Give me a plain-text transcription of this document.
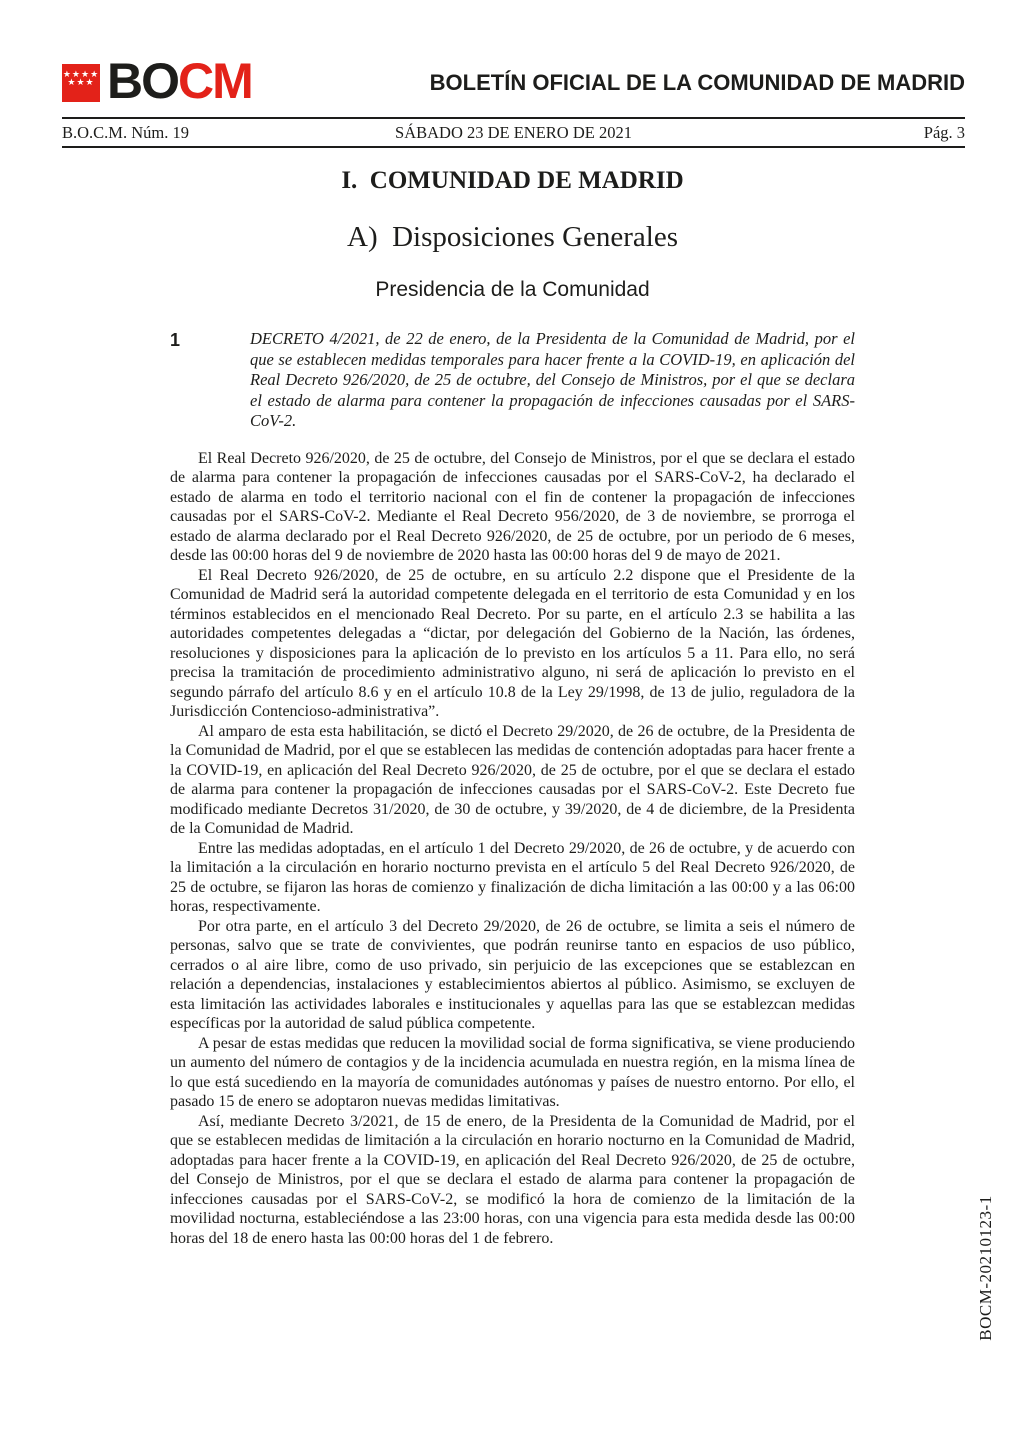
★★★★
★★★ BOCM	BOLETÍN OFICIAL DE LA COMUNIDAD DE MADRID
B.O.C.M. Núm. 19	SÁBADO 23 DE ENERO DE 2021	Pág. 3
I.  COMUNIDAD DE MADRID
A)  Disposiciones Generales
Presidencia de la Comunidad
1	DECRETO 4/2021, de 22 de enero, de la Presidenta de la Comunidad de Madrid, por el que se establecen medidas temporales para hacer frente a la COVID-19, en aplicación del Real Decreto 926/2020, de 25 de octubre, del Consejo de Ministros, por el que se declara el estado de alarma para contener la propagación de infecciones causadas por el SARS-CoV-2.

El Real Decreto 926/2020, de 25 de octubre, del Consejo de Ministros, por el que se declara el estado de alarma para contener la propagación de infecciones causadas por el SARS-CoV-2, ha declarado el estado de alarma en todo el territorio nacional con el fin de contener la propagación de infecciones causadas por el SARS-CoV-2. Mediante el Real Decreto 956/2020, de 3 de noviembre, se prorroga el estado de alarma declarado por el Real Decreto 926/2020, de 25 de octubre, por un periodo de 6 meses, desde las 00:00 horas del 9 de noviembre de 2020 hasta las 00:00 horas del 9 de mayo de 2021.

El Real Decreto 926/2020, de 25 de octubre, en su artículo 2.2 dispone que el Presidente de la Comunidad de Madrid será la autoridad competente delegada en el territorio de esta Comunidad y en los términos establecidos en el mencionado Real Decreto. Por su parte, en el artículo 2.3 se habilita a las autoridades competentes delegadas a “dictar, por delegación del Gobierno de la Nación, las órdenes, resoluciones y disposiciones para la aplicación de lo previsto en los artículos 5 a 11. Para ello, no será precisa la tramitación de procedimiento administrativo alguno, ni será de aplicación lo previsto en el segundo párrafo del artículo 8.6 y en el artículo 10.8 de la Ley 29/1998, de 13 de julio, reguladora de la Jurisdicción Contencioso-administrativa”.

Al amparo de esta esta habilitación, se dictó el Decreto 29/2020, de 26 de octubre, de la Presidenta de la Comunidad de Madrid, por el que se establecen las medidas de contención adoptadas para hacer frente a la COVID-19, en aplicación del Real Decreto 926/2020, de 25 de octubre, por el que se declara el estado de alarma para contener la propagación de infecciones causadas por el SARS-CoV-2. Este Decreto fue modificado mediante Decretos 31/2020, de 30 de octubre, y 39/2020, de 4 de diciembre, de la Presidenta de la Comunidad de Madrid.

Entre las medidas adoptadas, en el artículo 1 del Decreto 29/2020, de 26 de octubre, y de acuerdo con la limitación a la circulación en horario nocturno prevista en el artículo 5 del Real Decreto 926/2020, de 25 de octubre, se fijaron las horas de comienzo y finalización de dicha limitación a las 00:00 y a las 06:00 horas, respectivamente.

Por otra parte, en el artículo 3 del Decreto 29/2020, de 26 de octubre, se limita a seis el número de personas, salvo que se trate de convivientes, que podrán reunirse tanto en espacios de uso público, cerrados o al aire libre, como de uso privado, sin perjuicio de las excepciones que se establezcan en relación a dependencias, instalaciones y establecimientos abiertos al público. Asimismo, se excluyen de esta limitación las actividades laborales e institucionales y aquellas para las que se establezcan medidas específicas por la autoridad de salud pública competente.

A pesar de estas medidas que reducen la movilidad social de forma significativa, se viene produciendo un aumento del número de contagios y de la incidencia acumulada en nuestra región, en la misma línea de lo que está sucediendo en la mayoría de comunidades autónomas y países de nuestro entorno. Por ello, el pasado 15 de enero se adoptaron nuevas medidas limitativas.

Así, mediante Decreto 3/2021, de 15 de enero, de la Presidenta de la Comunidad de Madrid, por el que se establecen medidas de limitación a la circulación en horario nocturno en la Comunidad de Madrid, adoptadas para hacer frente a la COVID-19, en aplicación del Real Decreto 926/2020, de 25 de octubre, del Consejo de Ministros, por el que se declara el estado de alarma para contener la propagación de infecciones causadas por el SARS-CoV-2, se modificó la hora de comienzo de la limitación de la movilidad nocturna, estableciéndose a las 23:00 horas, con una vigencia para esta medida desde las 00:00 horas del 18 de enero hasta las 00:00 horas del 1 de febrero.	BOCM-20210123-1
